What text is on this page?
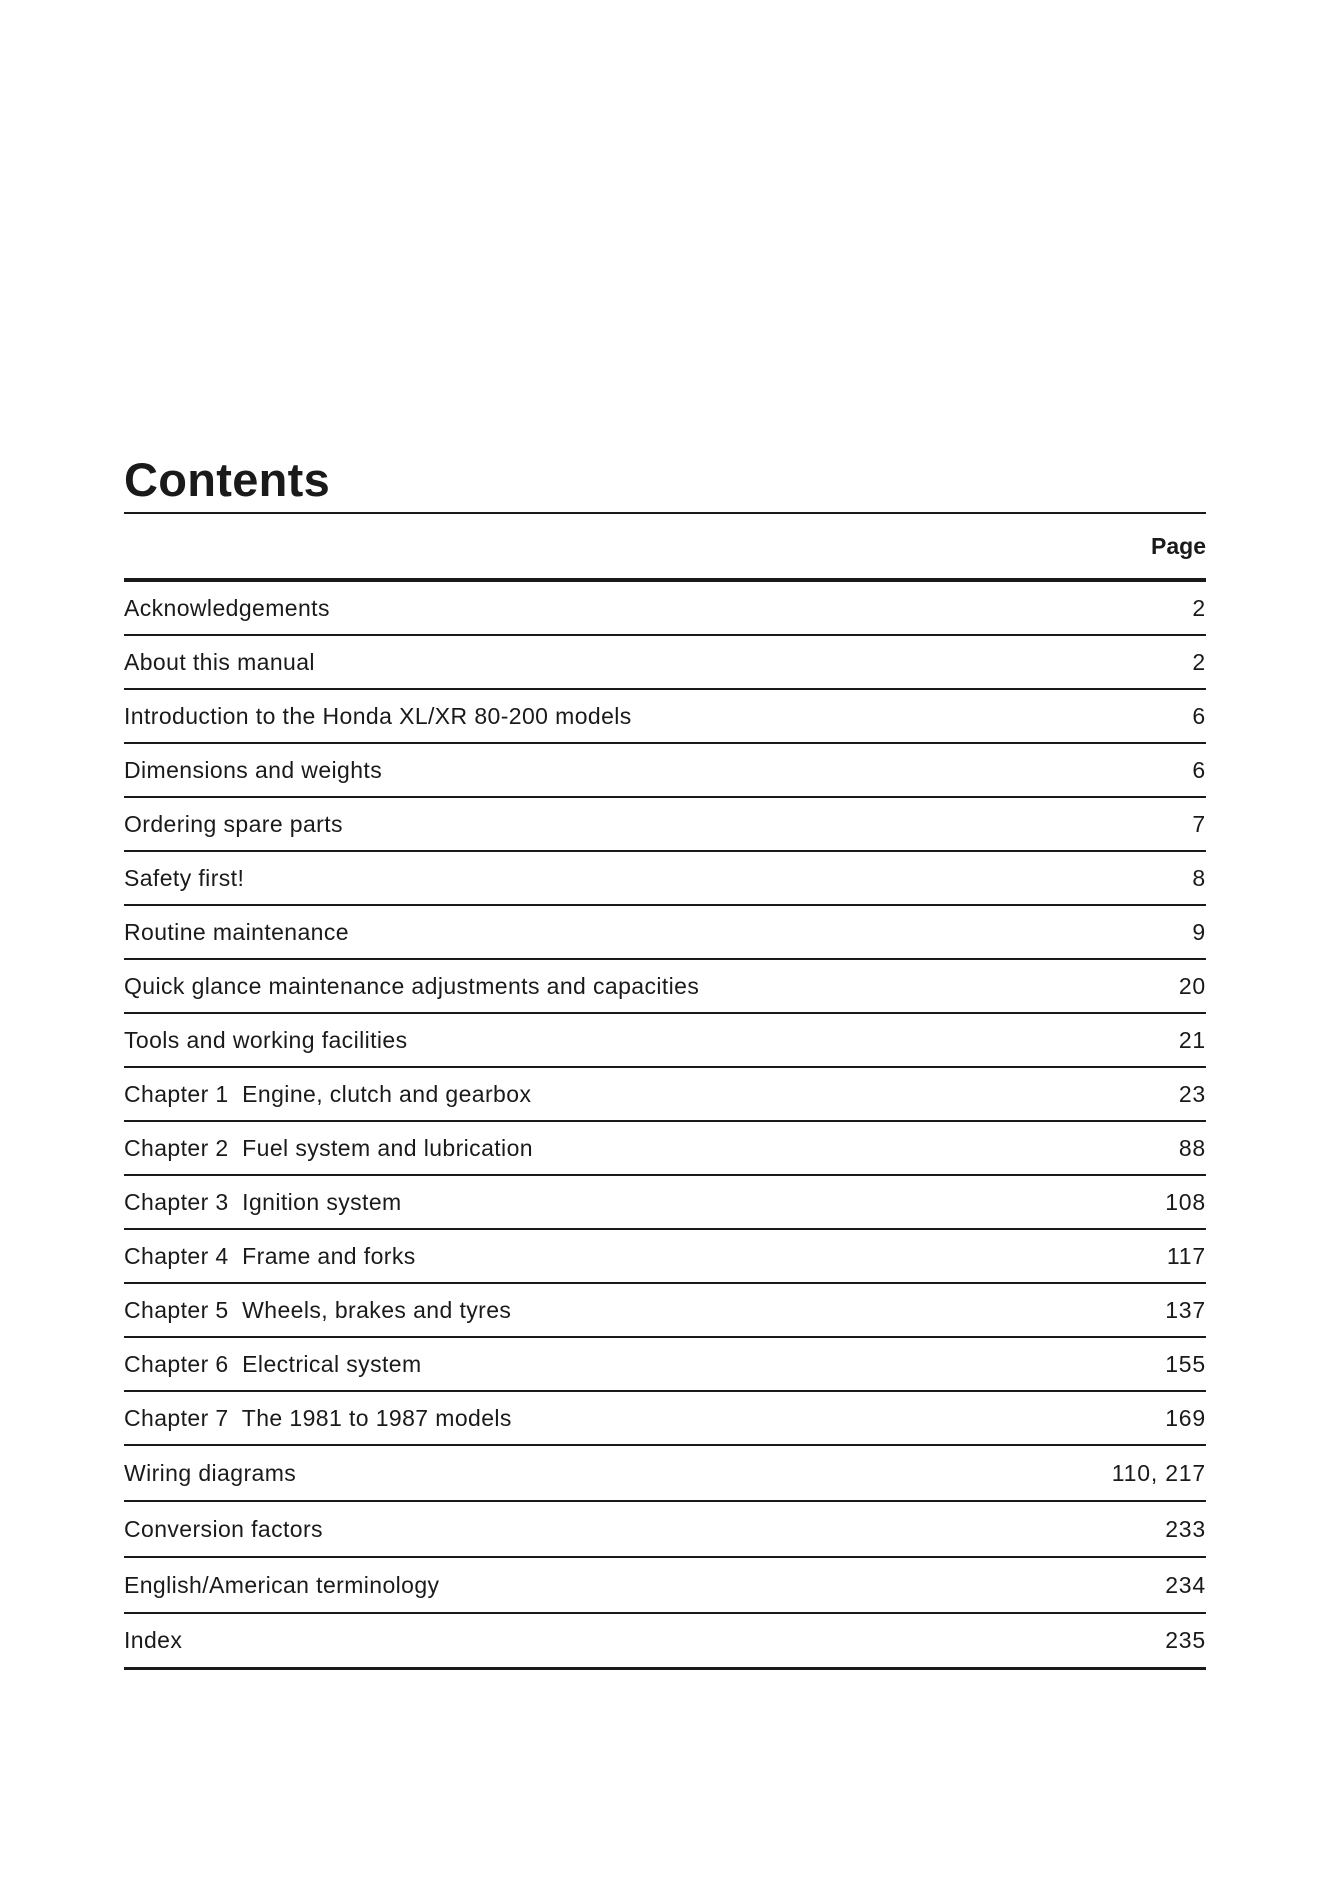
Contents
Page
Acknowledgements	2
About this manual	2
Introduction to the Honda XL/XR 80-200 models	6
Dimensions and weights	6
Ordering spare parts	7
Safety first!	8
Routine maintenance	9
Quick glance maintenance adjustments and capacities	20
Tools and working facilities	21
Chapter 1  Engine, clutch and gearbox	23
Chapter 2  Fuel system and lubrication	88
Chapter 3  Ignition system	108
Chapter 4  Frame and forks	117
Chapter 5  Wheels, brakes and tyres	137
Chapter 6  Electrical system	155
Chapter 7  The 1981 to 1987 models	169
Wiring diagrams	110, 217
Conversion factors	233
English/American terminology	234
Index	235
